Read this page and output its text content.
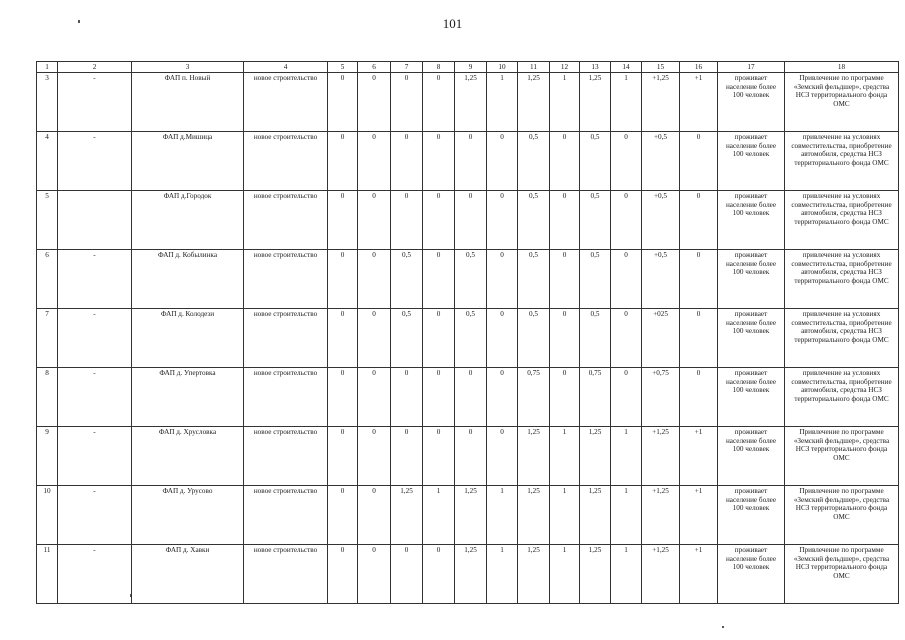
101
1	2	3	4	5	6	7	8	9	10	11	12	13	14	15	16	17	18
3	-	ФАП п. Новый	новое строительство	0	0	0	0	1,25	1	1,25	1	1,25	1	+1,25	+1	проживает население более 100 человек	Привлечение по программе «Земский фельдшер», средства НСЗ территориального фонда ОМС
4	-	ФАП д.Мишица	новое строительство	0	0	0	0	0	0	0,5	0	0,5	0	+0,5	0	проживает население более 100 человек	привлечение на условиях совместительства, приобретение автомобиля, средства НСЗ территориального фонда ОМС
5		ФАП д.Городок	новое строительство	0	0	0	0	0	0	0,5	0	0,5	0	+0,5	0	проживает население более 100 человек	привлечение на условиях совместительства, приобретение автомобиля, средства НСЗ территориального фонда ОМС
6	-	ФАП д. Кобылинка	новое строительство	0	0	0,5	0	0,5	0	0,5	0	0,5	0	+0,5	0	проживает население более 100 человек	привлечение на условиях совместительства, приобретение автомобиля, средства НСЗ территориального фонда ОМС
7	-	ФАП д. Колодези	новое строительство	0	0	0,5	0	0,5	0	0,5	0	0,5	0	+025	0	проживает население более 100 человек	привлечение на условиях совместительства, приобретение автомобиля, средства НСЗ территориального фонда ОМС
8	-	ФАП д. Упертовка	новое строительство	0	0	0	0	0	0	0,75	0	0,75	0	+0,75	0	проживает население более 100 человек	привлечение на условиях совместительства, приобретение автомобиля, средства НСЗ территориального фонда ОМС
9	-	ФАП д. Хрусловка	новое строительство	0	0	0	0	0	0	1,25	1	1,25	1	+1,25	+1	проживает население более 100 человек	Привлечение по программе «Земский фельдшер», средства НСЗ территориального фонда ОМС
10	-	ФАП д. Урусово	новое строительство	0	0	1,25	1	1,25	1	1,25	1	1,25	1	+1,25	+1	проживает население более 100 человек	Привлечение по программе «Земский фельдшер», средства НСЗ территориального фонда ОМС
11	-	ФАП д. Хавки	новое строительство	0	0	0	0	1,25	1	1,25	1	1,25	1	+1,25	+1	проживает население более 100 человек	Привлечение по программе «Земский фельдшер», средства НСЗ территориального фонда ОМС
